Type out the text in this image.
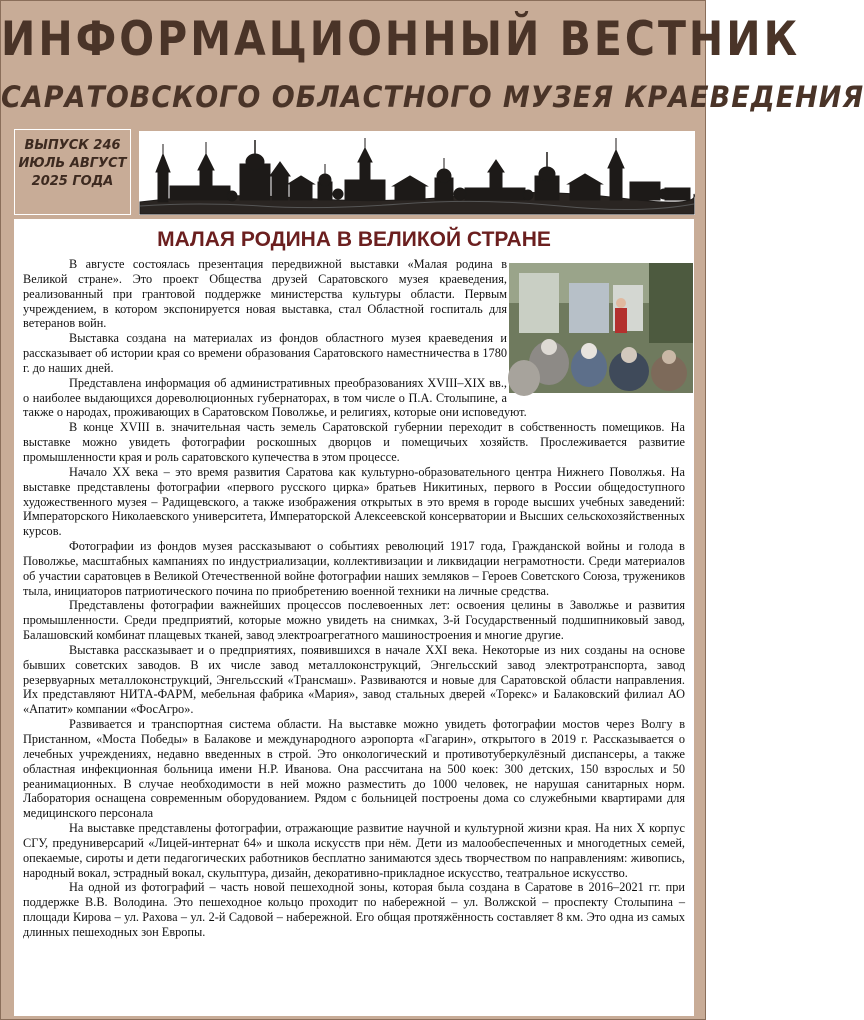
ИНФОРМАЦИОННЫЙ ВЕСТНИК
САРАТОВСКОГО ОБЛАСТНОГО МУЗЕЯ КРАЕВЕДЕНИЯ
ВЫПУСК 246
ИЮЛЬ АВГУСТ
2025 ГОДА
МАЛАЯ РОДИНА В ВЕЛИКОЙ СТРАНЕ

В августе состоялась презентация передвижной выставки «Малая родина в Великой стране». Это проект Общества друзей Саратовского музея краеведения, реализованный при грантовой поддержке министерства культуры области. Первым учреждением, в котором экспонируется новая выставка, стал Областной госпиталь для ветеранов войн.

Выставка создана на материалах из фондов областного музея краеведения и рассказывает об истории края со времени образования Саратовского наместничества в 1780 г. до наших дней.

Представлена информация об административных преобразованиях XVIII–XIX вв., о наиболее выдающихся дореволюционных губернаторах, в том числе о П.А. Столыпине, а также о народах, проживающих в Саратовском Поволжье, и религиях, которые они исповедуют.

В конце XVIII в. значительная часть земель Саратовской губернии переходит в собственность помещиков. На выставке можно увидеть фотографии роскошных дворцов и помещичьих хозяйств. Прослеживается развитие промышленности края и роль саратовского купечества в этом процессе.

Начало XX века – это время развития Саратова как культурно-образовательного центра Нижнего Поволжья. На выставке представлены фотографии «первого русского цирка» братьев Никитиных, первого в России общедоступного художественного музея – Радищевского, а также изображения открытых в это время в городе высших учебных заведений: Императорского Николаевского университета, Императорской Алексеевской консерватории и Высших сельскохозяйственных курсов.

Фотографии из фондов музея рассказывают о событиях революций 1917 года, Гражданской войны и голода в Поволжье, масштабных кампаниях по индустриализации, коллективизации и ликвидации неграмотности. Среди материалов об участии саратовцев в Великой Отечественной войне фотографии наших земляков – Героев Советского Союза, тружеников тыла, инициаторов патриотического почина по приобретению военной техники на личные средства.

Представлены фотографии важнейших процессов послевоенных лет: освоения целины в Заволжье и развития промышленности. Среди предприятий, которые можно увидеть на снимках, 3-й Государственный подшипниковый завод, Балашовский комбинат плащевых тканей, завод электроагрегатного машиностроения и многие другие.

Выставка рассказывает и о предприятиях, появившихся в начале XXI века. Некоторые из них созданы на основе бывших советских заводов. В их числе завод металлоконструкций, Энгельсский завод электротранспорта, завод резервуарных металлоконструкций, Энгельсский «Трансмаш». Развиваются и новые для Саратовской области направления. Их представляют НИТА-ФАРМ, мебельная фабрика «Мария», завод стальных дверей «Торекс» и Балаковский филиал АО «Апатит» компании «ФосАгро».

Развивается и транспортная система области. На выставке можно увидеть фотографии мостов через Волгу в Пристанном, «Моста Победы» в Балакове и международного аэропорта «Гагарин», открытого в 2019 г. Рассказывается о лечебных учреждениях, недавно введенных в строй. Это онкологический и противотуберкулёзный диспансеры, а также областная инфекционная больница имени Н.Р. Иванова. Она рассчитана на 500 коек: 300 детских, 150 взрослых и 50 реанимационных. В случае необходимости в ней можно разместить до 1000 человек, не нарушая санитарных норм. Лаборатория оснащена современным оборудованием. Рядом с больницей построены дома со служебными квартирами для медицинского персонала

На выставке представлены фотографии, отражающие развитие научной и культурной жизни края. На них Х корпус СГУ, предуниверсарий «Лицей-интернат 64» и школа искусств при нём. Дети из малообеспеченных и многодетных семей, опекаемые, сироты и дети педагогических работников бесплатно занимаются здесь творчеством по направлениям: живопись, народный вокал, эстрадный вокал, скульптура, дизайн, декоративно-прикладное искусство, театральное искусство.

На одной из фотографий – часть новой пешеходной зоны, которая была создана в Саратове в 2016–2021 гг. при поддержке В.В. Володина. Это пешеходное кольцо проходит по набережной – ул. Волжской – проспекту Столыпина – площади Кирова – ул. Рахова – ул. 2-й Садовой – набережной. Его общая протяжённость составляет 8 км. Это одна из самых длинных пешеходных зон Европы.
